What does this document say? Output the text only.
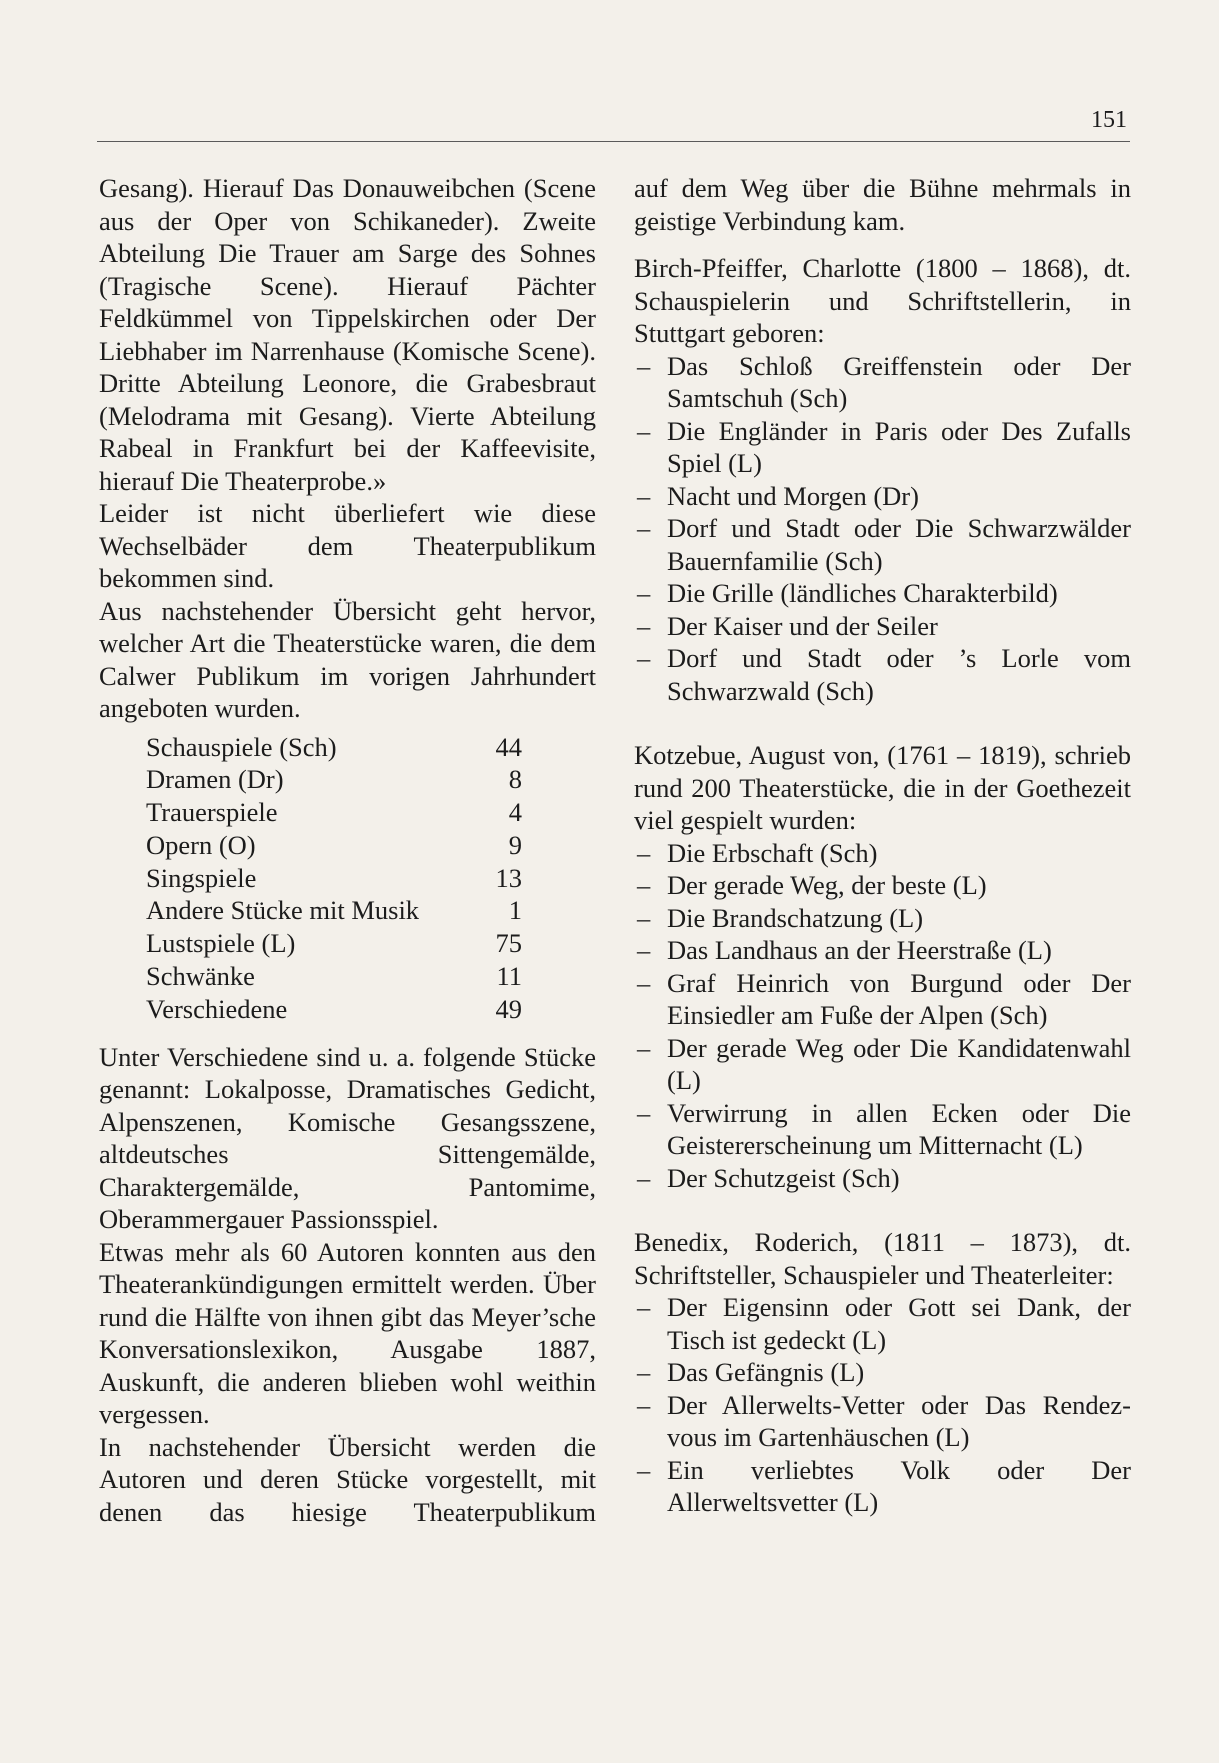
151

Gesang). Hierauf Das Donauweibchen (Scene aus der Oper von Schikaneder). Zweite Abteilung Die Trauer am Sarge des Sohnes (Tragische Scene). Hierauf Pächter Feldkümmel von Tippelskirchen oder Der Liebhaber im Narrenhause (Komische Scene). Dritte Abteilung Leonore, die Grabesbraut (Melodrama mit Gesang). Vierte Abteilung Rabeal in Frankfurt bei der Kaffeevisite, hierauf Die Theaterprobe.»

Leider ist nicht überliefert wie diese Wechselbäder dem Theaterpublikum bekommen sind.

Aus nachstehender Übersicht geht hervor, welcher Art die Theaterstücke waren, die dem Calwer Publikum im vorigen Jahrhundert angeboten wurden.

Schauspiele (Sch)	44
Dramen (Dr)	8
Trauerspiele	4
Opern (O)	9
Singspiele	13
Andere Stücke mit Musik	1
Lustspiele (L)	75
Schwänke	11
Verschiedene	49

Unter Verschiedene sind u. a. folgende Stücke genannt: Lokalposse, Dramatisches Gedicht, Alpenszenen, Komische Gesangsszene, altdeutsches Sittengemälde, Charaktergemälde, Pantomime, Oberammergauer Passionsspiel.

Etwas mehr als 60 Autoren konnten aus den Theaterankündigungen ermittelt werden. Über rund die Hälfte von ihnen gibt das Meyer’sche Konversationslexikon, Ausgabe 1887, Auskunft, die anderen blieben wohl weithin vergessen.

In nachstehender Übersicht werden die Autoren und deren Stücke vorgestellt, mit denen das hiesige Theaterpublikum

auf dem Weg über die Bühne mehrmals in geistige Verbindung kam.

Birch-Pfeiffer, Charlotte (1800 – 1868), dt. Schauspielerin und Schriftstellerin, in Stuttgart geboren:

– Das Schloß Greiffenstein oder Der Samtschuh (Sch)
– Die Engländer in Paris oder Des Zufalls Spiel (L)
– Nacht und Morgen (Dr)
– Dorf und Stadt oder Die Schwarzwälder Bauernfamilie (Sch)
– Die Grille (ländliches Charakterbild)
– Der Kaiser und der Seiler
– Dorf und Stadt oder ’s Lorle vom Schwarzwald (Sch)

Kotzebue, August von, (1761 – 1819), schrieb rund 200 Theaterstücke, die in der Goethezeit viel gespielt wurden:

– Die Erbschaft (Sch)
– Der gerade Weg, der beste (L)
– Die Brandschatzung (L)
– Das Landhaus an der Heerstraße (L)
– Graf Heinrich von Burgund oder Der Einsiedler am Fuße der Alpen (Sch)
– Der gerade Weg oder Die Kandidatenwahl (L)
– Verwirrung in allen Ecken oder Die Geistererscheinung um Mitternacht (L)
– Der Schutzgeist (Sch)

Benedix, Roderich, (1811 – 1873), dt. Schriftsteller, Schauspieler und Theaterleiter:

– Der Eigensinn oder Gott sei Dank, der Tisch ist gedeckt (L)
– Das Gefängnis (L)
– Der Allerwelts-Vetter oder Das Rendez-vous im Gartenhäuschen (L)
– Ein verliebtes Volk oder Der Allerweltsvetter (L)
